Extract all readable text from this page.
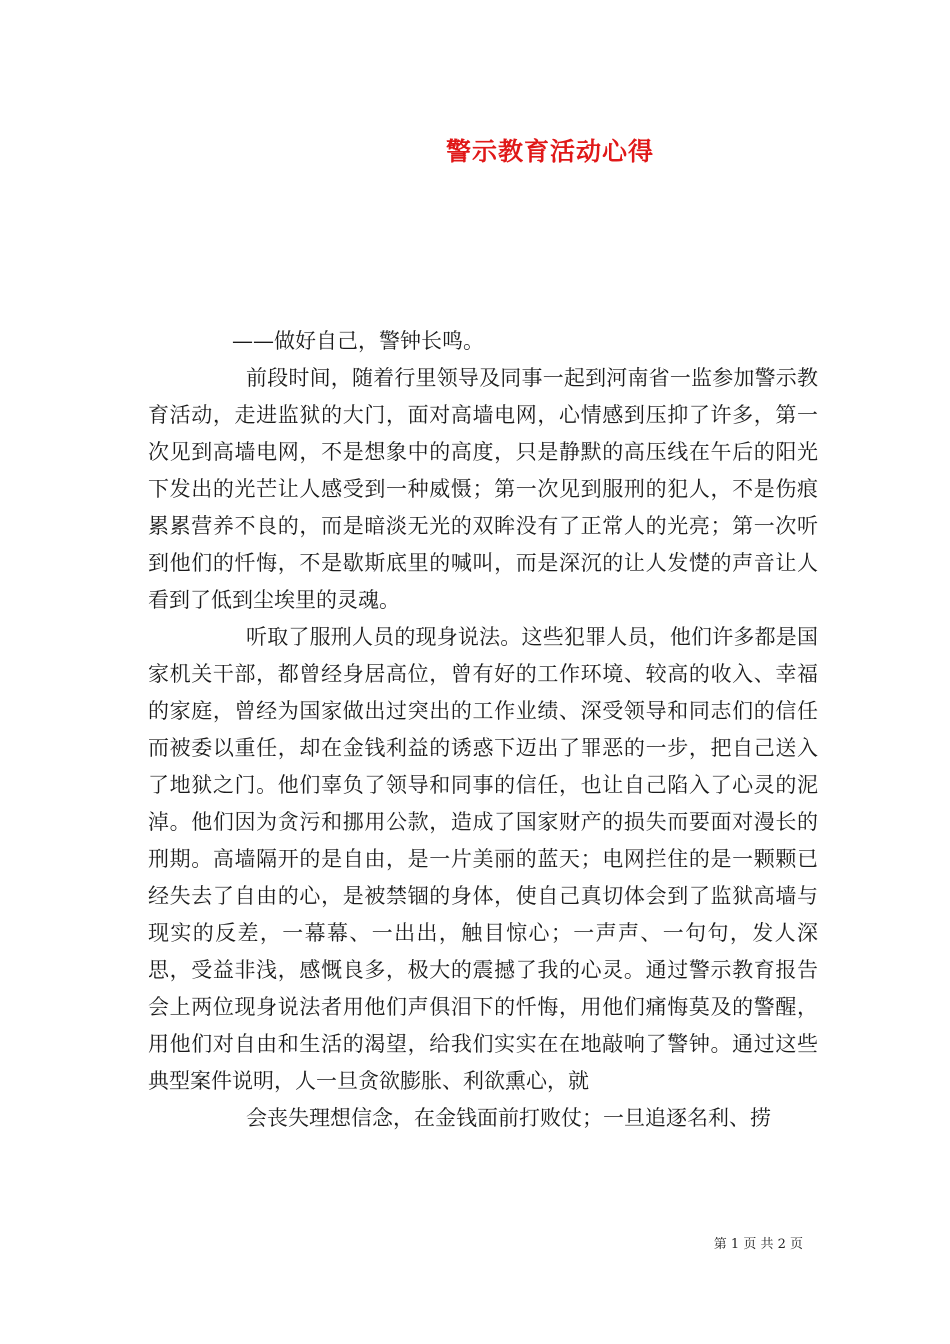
警示教育活动心得

——做好自己，警钟长鸣。

前段时间，随着行里领导及同事一起到河南省一监参加警示教育活动，走进监狱的大门，面对高墙电网，心情感到压抑了许多，第一次见到高墙电网，不是想象中的高度，只是静默的高压线在午后的阳光下发出的光芒让人感受到一种威慑；第一次见到服刑的犯人，不是伤痕累累营养不良的，而是暗淡无光的双眸没有了正常人的光亮；第一次听到他们的忏悔，不是歇斯底里的喊叫，而是深沉的让人发憷的声音让人看到了低到尘埃里的灵魂。

听取了服刑人员的现身说法。这些犯罪人员，他们许多都是国家机关干部，都曾经身居高位，曾有好的工作环境、较高的收入、幸福的家庭，曾经为国家做出过突出的工作业绩、深受领导和同志们的信任而被委以重任，却在金钱利益的诱惑下迈出了罪恶的一步，把自己送入了地狱之门。他们辜负了领导和同事的信任，也让自己陷入了心灵的泥淖。他们因为贪污和挪用公款，造成了国家财产的损失而要面对漫长的刑期。高墙隔开的是自由，是一片美丽的蓝天；电网拦住的是一颗颗已经失去了自由的心，是被禁锢的身体，使自己真切体会到了监狱高墙与现实的反差，一幕幕、一出出，触目惊心；一声声、一句句，发人深思，受益非浅，感慨良多，极大的震撼了我的心灵。通过警示教育报告会上两位现身说法者用他们声俱泪下的忏悔，用他们痛悔莫及的警醒，用他们对自由和生活的渴望，给我们实实在在地敲响了警钟。通过这些典型案件说明，人一旦贪欲膨胀、利欲熏心，就

会丧失理想信念，在金钱面前打败仗；一旦追逐名利、捞

第 1 页 共 2 页
